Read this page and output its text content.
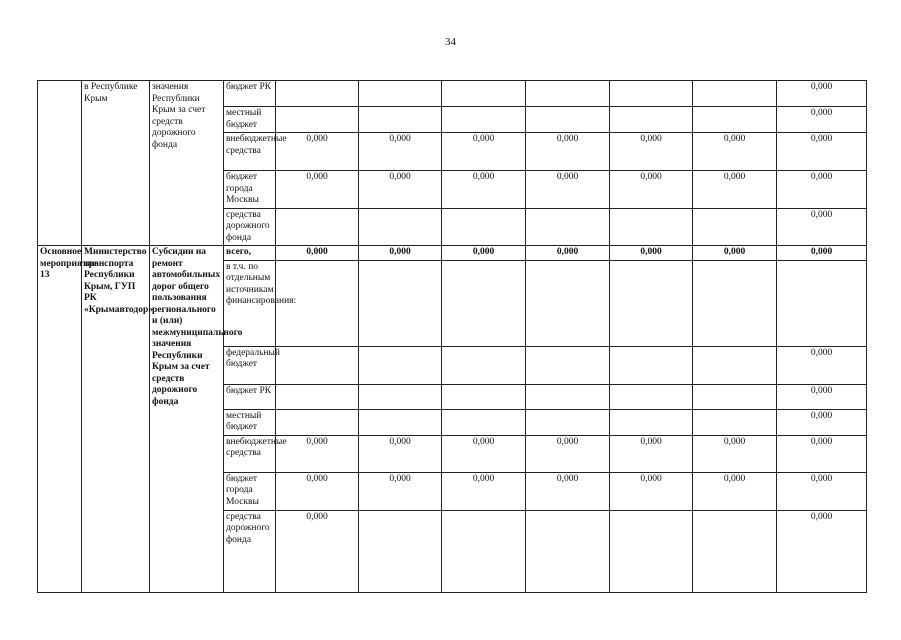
34
	в Республике Крым	значения Республики Крым за счет средств дорожного фонда	бюджет РК							0,000
			местный бюджет							0,000
			внебюджетные средства	0,000	0,000	0,000	0,000	0,000	0,000	0,000
			бюджет города Москвы	0,000	0,000	0,000	0,000	0,000	0,000	0,000
			средства дорожного фонда							0,000
Основное мероприятие 13	Министерство транспорта Республики Крым, ГУП РК «Крымавтодор»	Субсидии на ремонт автомобильных дорог общего пользования регионального и (или) межмуниципального значения Республики Крым за счет средств дорожного фонда	всего,	0,000	0,000	0,000	0,000	0,000	0,000	0,000
			в т.ч. по отдельным источникам финансирования:							
			федеральный бюджет							0,000
			бюджет РК							0,000
			местный бюджет							0,000
			внебюджетные средства	0,000	0,000	0,000	0,000	0,000	0,000	0,000
			бюджет города Москвы	0,000	0,000	0,000	0,000	0,000	0,000	0,000
			средства дорожного фонда	0,000						0,000
